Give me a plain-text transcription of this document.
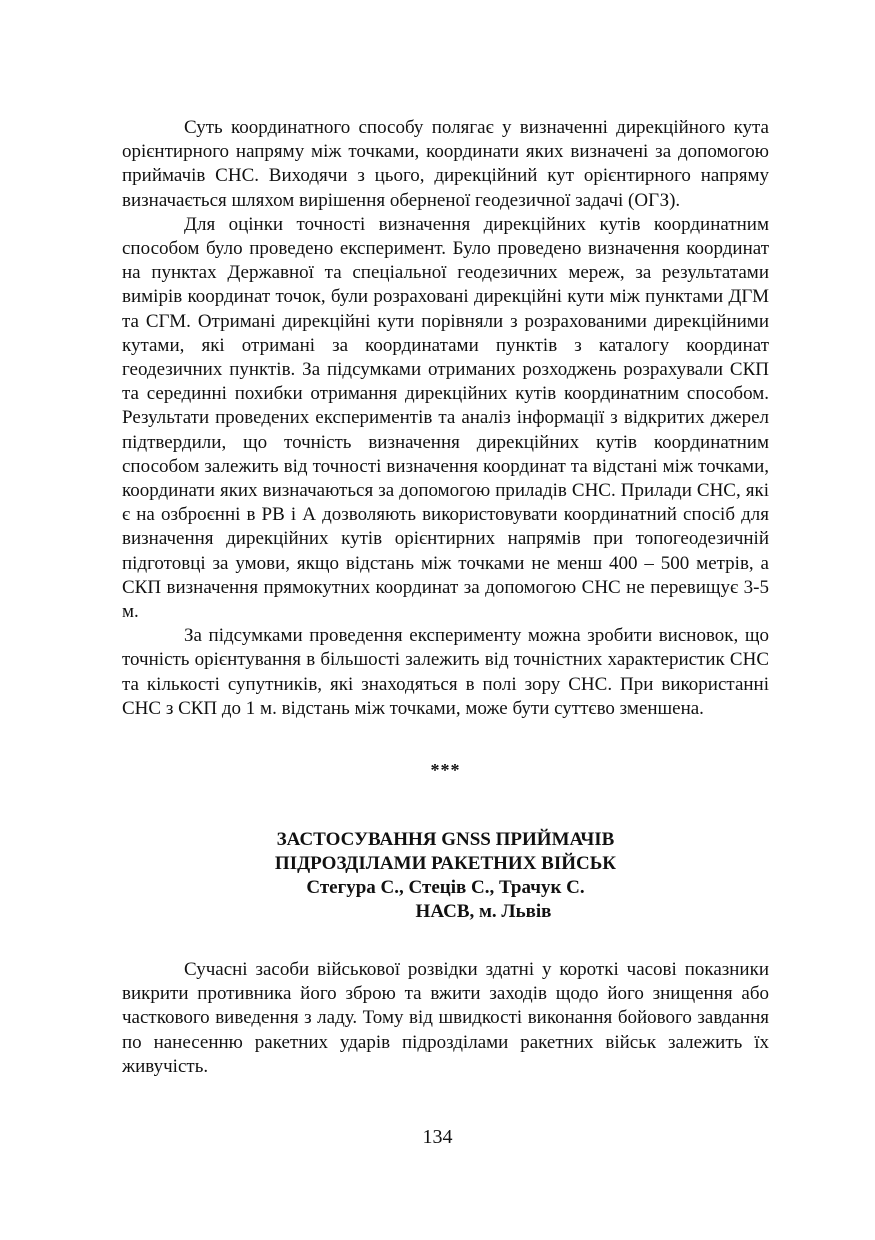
Суть координатного способу полягає у визначенні дирекційного кута орієнтирного напряму між точками, координати яких визначені за допомогою приймачів СНС. Виходячи з цього, дирекційний кут орієнтирного напряму визначається шляхом вирішення оберненої геодезичної задачі (ОГЗ).

Для оцінки точності визначення дирекційних кутів координатним способом було проведено експеримент. Було проведено визначення координат на пунктах Державної та спеціальної геодезичних мереж, за результатами вимірів координат точок, були розраховані дирекційні кути між пунктами ДГМ та СГМ. Отримані дирекційні кути порівняли з розрахованими дирекційними кутами, які отримані за координатами пунктів з каталогу координат геодезичних пунктів. За підсумками отриманих розходжень розрахували СКП та серединні похибки отримання дирекційних кутів координатним способом. Результати проведених експериментів та аналіз інформації з відкритих джерел підтвердили, що точність визначення дирекційних кутів координатним способом залежить від точності визначення координат та відстані між точками, координати яких визначаються за допомогою приладів СНС. Прилади СНС, які є на озброєнні в РВ і А дозволяють використовувати координатний спосіб для визначення дирекційних кутів орієнтирних напрямів при топогеодезичній підготовці за умови, якщо відстань між точками не менш 400 – 500 метрів, а СКП визначення прямокутних координат за допомогою СНС не перевищує 3-5 м.

За підсумками проведення експерименту можна зробити висновок, що точність орієнтування в більшості залежить від точністних характеристик СНС та кількості супутників, які знаходяться в полі зору СНС. При використанні СНС з СКП до 1 м. відстань між точками, може бути суттєво зменшена.

***
ЗАСТОСУВАННЯ GNSS ПРИЙМАЧІВ
ПІДРОЗДІЛАМИ РАКЕТНИХ ВІЙСЬК
Стегура С., Стеців С., Трачук С.
НАСВ, м. Львів

Сучасні засоби військової розвідки здатні у короткі часові показники викрити противника його зброю та вжити заходів щодо його знищення або часткового виведення з ладу. Тому від швидкості виконання бойового завдання по нанесенню ракетних ударів підрозділами ракетних військ залежить їх живучість.

134
